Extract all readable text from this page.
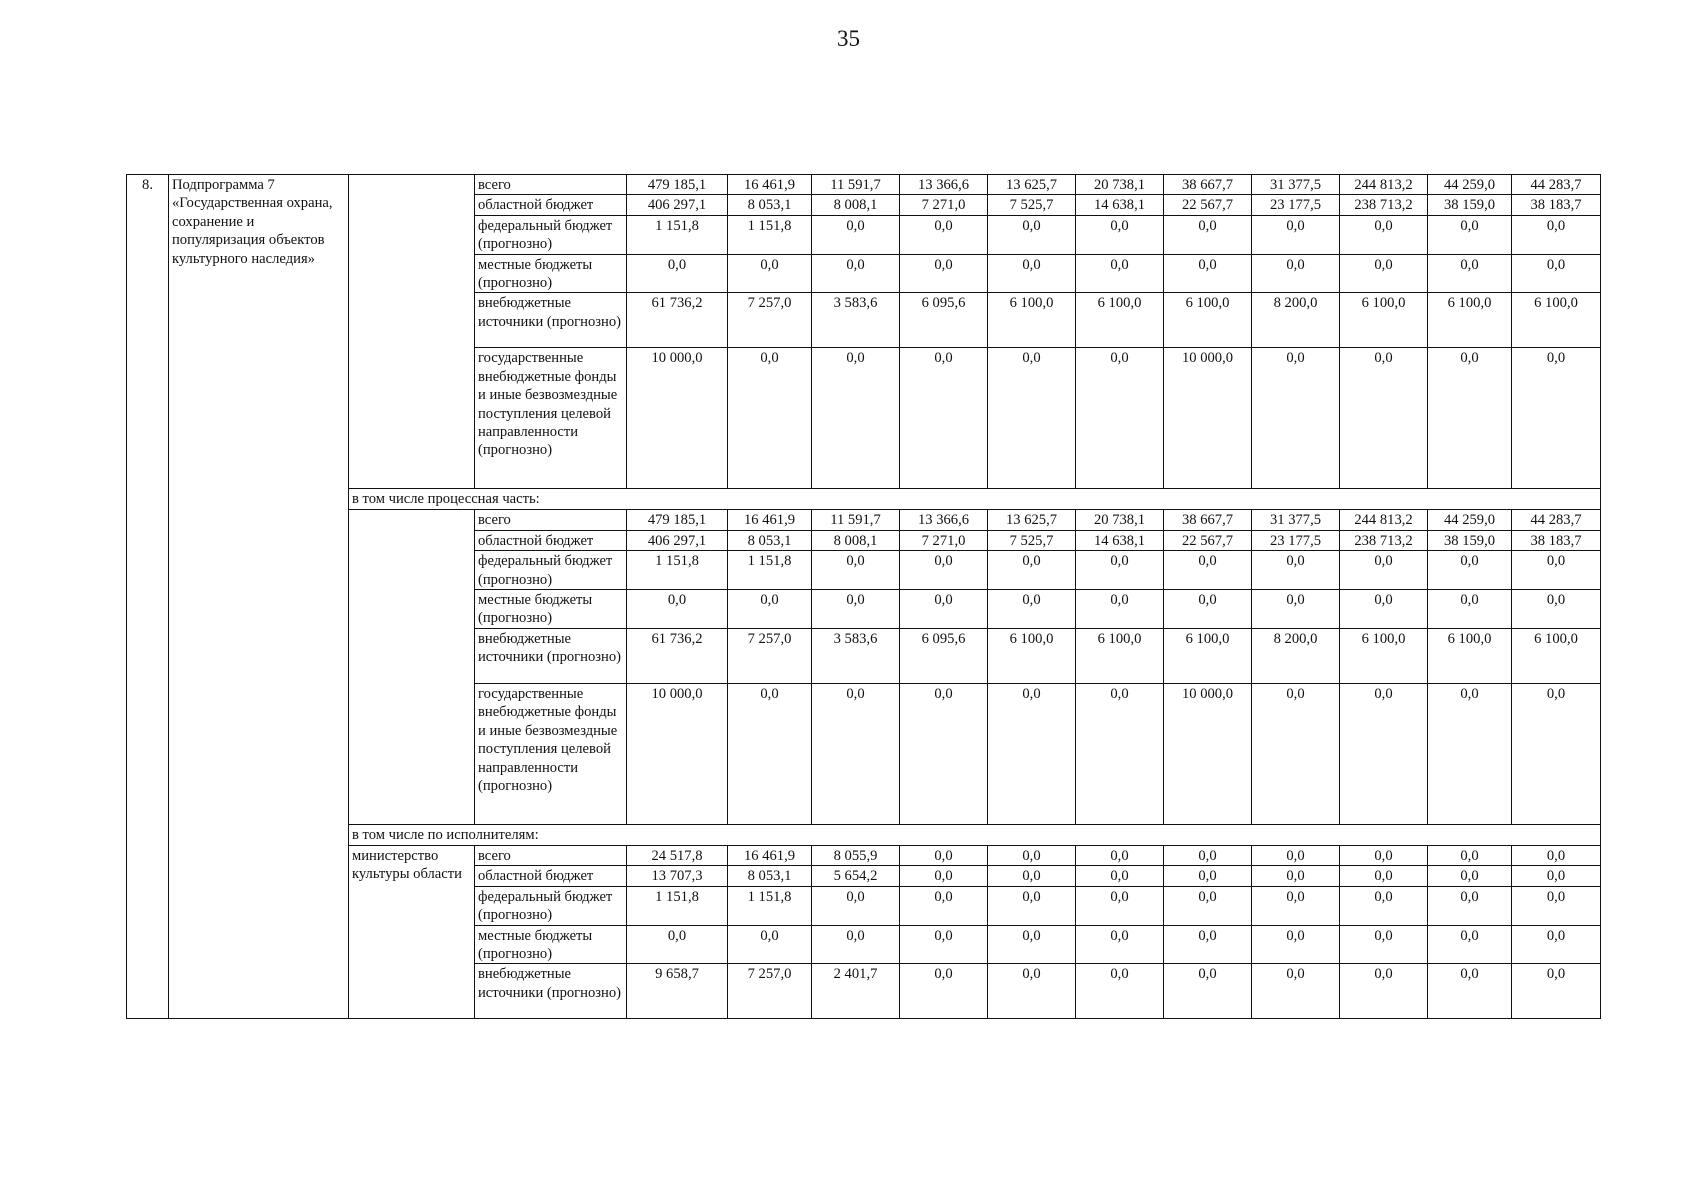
35
8.	Подпрограмма 7 «Государственная охрана, сохранение и популяризация объектов культурного наследия»		всего	479 185,1	16 461,9	11 591,7	13 366,6	13 625,7	20 738,1	38 667,7	31 377,5	244 813,2	44 259,0	44 283,7	
			областной бюджет	406 297,1	8 053,1	8 008,1	7 271,0	7 525,7	14 638,1	22 567,7	23 177,5	238 713,2	38 159,0	38 183,7	
			федеральный бюджет (прогнозно)	1 151,8	1 151,8	0,0	0,0	0,0	0,0	0,0	0,0	0,0	0,0	0,0	
			местные бюджеты (прогнозно)	0,0	0,0	0,0	0,0	0,0	0,0	0,0	0,0	0,0	0,0	0,0	
			внебюджетные источники (прогнозно)	61 736,2	7 257,0	3 583,6	6 095,6	6 100,0	6 100,0	6 100,0	8 200,0	6 100,0	6 100,0	6 100,0	
			государственные внебюджетные фонды и иные безвозмездные поступления целевой направленности (прогнозно)	10 000,0	0,0	0,0	0,0	0,0	0,0	10 000,0	0,0	0,0	0,0	0,0	
		в том числе процессная часть:													
			всего	479 185,1	16 461,9	11 591,7	13 366,6	13 625,7	20 738,1	38 667,7	31 377,5	244 813,2	44 259,0	44 283,7	
			областной бюджет	406 297,1	8 053,1	8 008,1	7 271,0	7 525,7	14 638,1	22 567,7	23 177,5	238 713,2	38 159,0	38 183,7	
			федеральный бюджет (прогнозно)	1 151,8	1 151,8	0,0	0,0	0,0	0,0	0,0	0,0	0,0	0,0	0,0	
			местные бюджеты (прогнозно)	0,0	0,0	0,0	0,0	0,0	0,0	0,0	0,0	0,0	0,0	0,0	
			внебюджетные источники (прогнозно)	61 736,2	7 257,0	3 583,6	6 095,6	6 100,0	6 100,0	6 100,0	8 200,0	6 100,0	6 100,0	6 100,0	
			государственные внебюджетные фонды и иные безвозмездные поступления целевой направленности (прогнозно)	10 000,0	0,0	0,0	0,0	0,0	0,0	10 000,0	0,0	0,0	0,0	0,0	
		в том числе по исполнителям:													
		министерство культуры области	всего	24 517,8	16 461,9	8 055,9	0,0	0,0	0,0	0,0	0,0	0,0	0,0	0,0	
			областной бюджет	13 707,3	8 053,1	5 654,2	0,0	0,0	0,0	0,0	0,0	0,0	0,0	0,0	
			федеральный бюджет (прогнозно)	1 151,8	1 151,8	0,0	0,0	0,0	0,0	0,0	0,0	0,0	0,0	0,0	
			местные бюджеты (прогнозно)	0,0	0,0	0,0	0,0	0,0	0,0	0,0	0,0	0,0	0,0	0,0	
			внебюджетные источники (прогнозно)	9 658,7	7 257,0	2 401,7	0,0	0,0	0,0	0,0	0,0	0,0	0,0	0,0	
